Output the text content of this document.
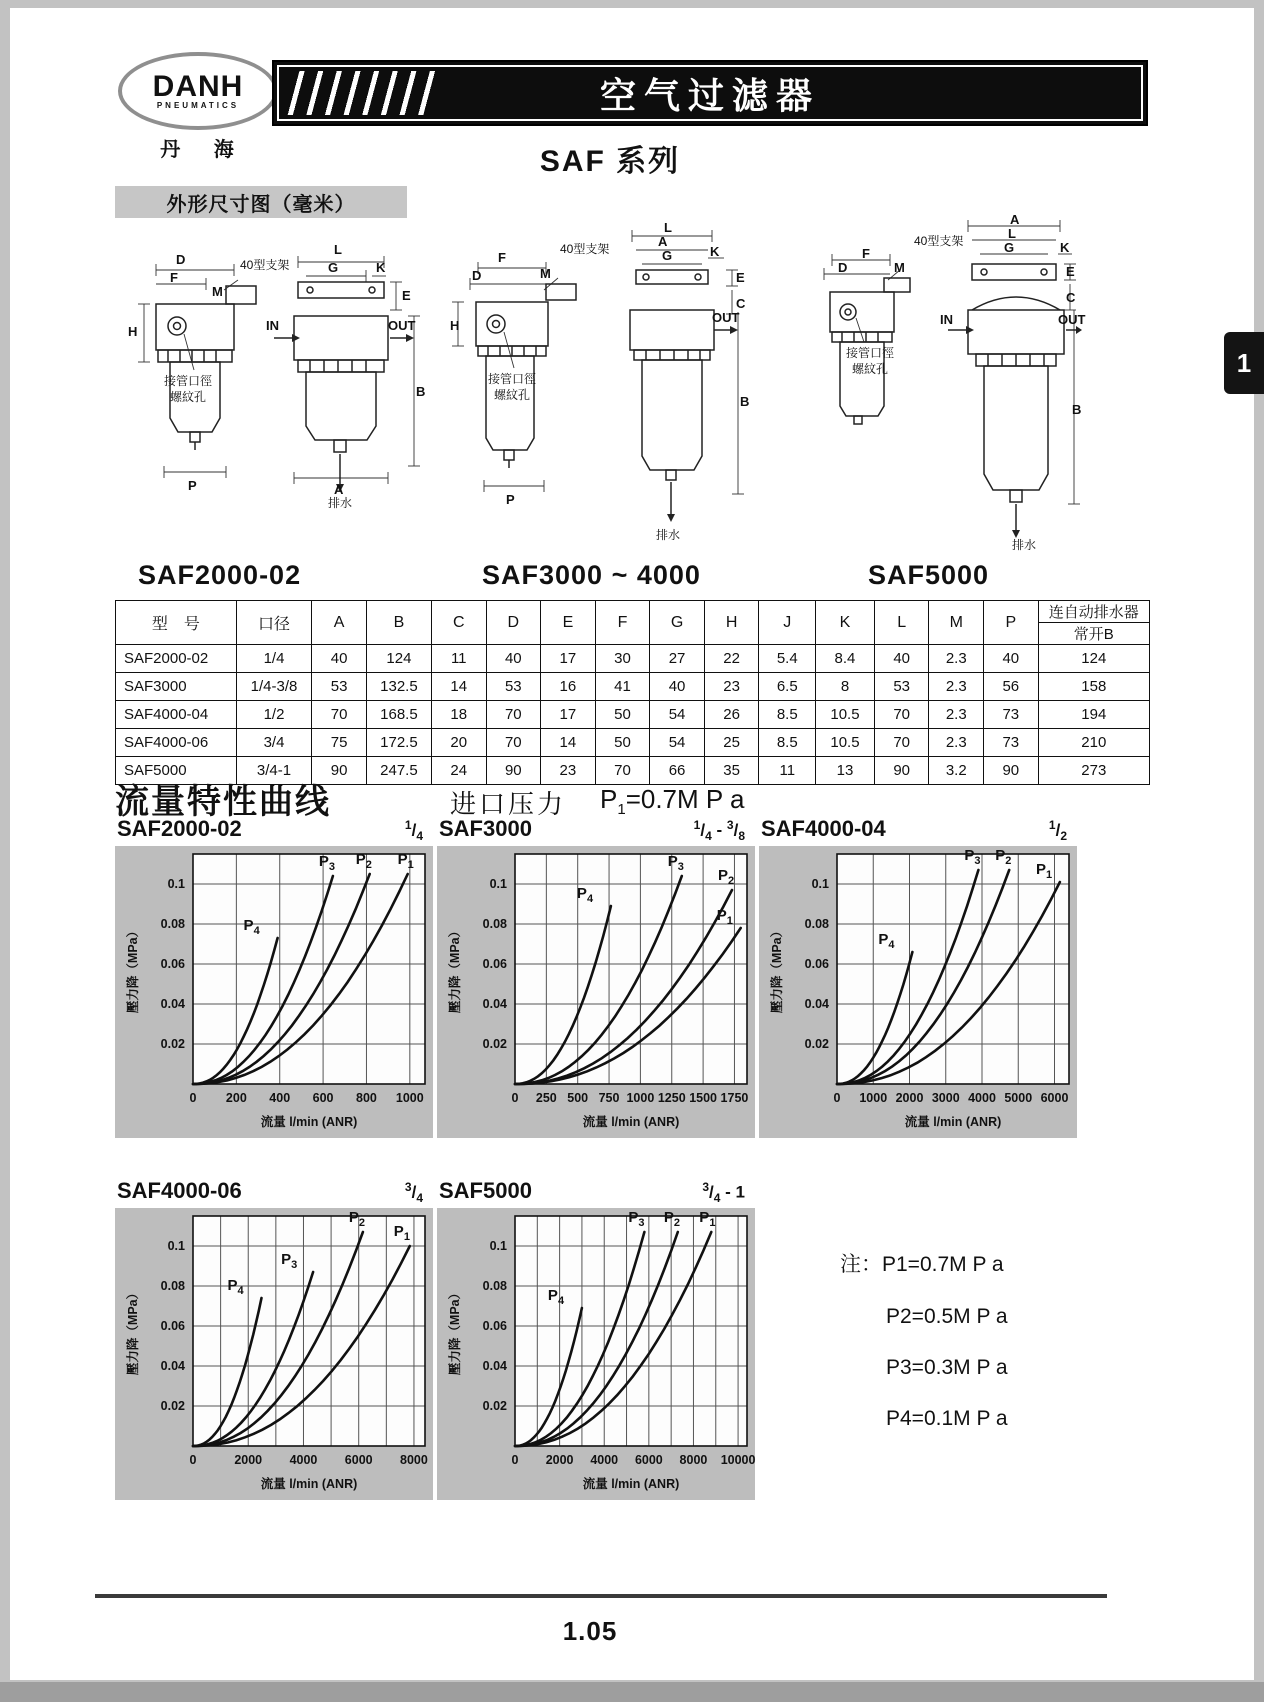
DANH
PNEUMATICS
丹 海
空气过滤器
SAF 系列
外形尺寸图（毫米）
D	40型支架
F
M
H
L
G	K
E
IN	OUT
接管口徑
螺紋孔	B
P	A
排水
F
40型支架
M
D
H
L
A
G	K
E
C
OUT
接管口徑
螺紋孔	B
P
排水
A
L
G	K
40型支架
F
D	M	E
C
IN	OUT
接管口徑
螺紋孔
B
排水
SAF2000-02	SAF3000 ~ 4000	SAF5000
型　号	口径	A	B	C	D	E	F	G	H	J	K	L	M	P	连自动排水器
															常开B
SAF2000-02	1/4	40	124	11	40	17	30	27	22	5.4	8.4	40	2.3	40	124
SAF3000	1/4-3/8	53	132.5	14	53	16	41	40	23	6.5	8	53	2.3	56	158
SAF4000-04	1/2	70	168.5	18	70	17	50	54	26	8.5	10.5	70	2.3	73	194
SAF4000-06	3/4	75	172.5	20	70	14	50	54	25	8.5	10.5	70	2.3	73	210
SAF5000	3/4-1	90	247.5	24	90	23	70	66	35	11	13	90	3.2	90	273
流量特性曲线	进口压力 $P_1=0.7M$ P a
SAF2000-02	$^1/_4$
0 200 400 600 800 1000
0.02
0.04
0.06
0.08
0.1
壓力降（MPa）
流量 l/min (ANR)
$P_1$
$P_2$
$P_3$
$P_4$
SAF3000	$^1/_4 - ^3/_8$
0 250 500 750 1000 1250 1500 1750
0.02
0.04
0.06
0.08
0.1
壓力降（MPa）
流量 l/min (ANR)
$P_1$
$P_2$
$P_3$
$P_4$
SAF4000-04	$^1/_2$
0 1000 2000 3000 4000 5000 6000
0.02
0.04
0.06
0.08
0.1
壓力降（MPa）
流量 l/min (ANR)
$P_1$
$P_2$
$P_3$
$P_4$
SAF4000-06	$^3/_4$
0	2000 4000 6000 8000
0.02
0.04
0.06
0.08
0.1
壓力降（MPa）
流量 l/min (ANR)
$P_1$
$P_2$
$P_3$
$P_4$
SAF5000	$^3/_4 - 1$
0 2000 4000 6000 8000 10000
0.02
0.04
0.06
0.08
0.1
壓力降（MPa）
流量 l/min (ANR)
$P_1$
$P_2$
$P_3$
$P_4$
注：P1=0.7M P a
P2=0.5M P a
P3=0.3M P a
P4=0.1M P a
1.05
1
